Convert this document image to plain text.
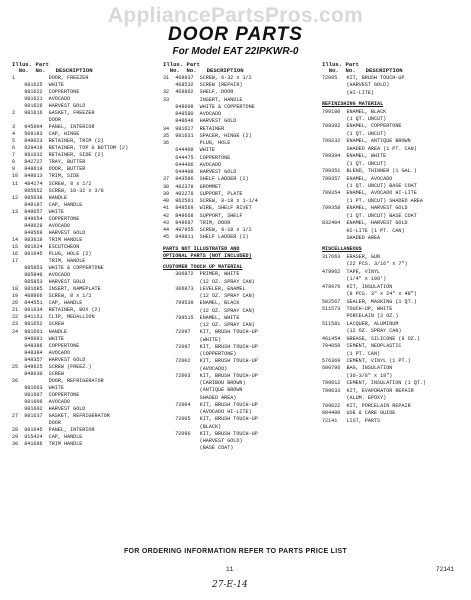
AppliancePartsPros.com
DOOR PARTS
For Model EAT 22IPKWR-0
Illus. Part
No.  No.   DESCRIPTION
1           DOOR, FREEZER
981625  WHITE
981622  COPPERTONE
981621  AVOCADO
981626  HARVEST GOLD
2   981616  GASKET, FREEZER
DOOR
3   945604  PANEL, INTERIOR
4   509183  CAP, HINGE
5   849023  RETAINER, TRIM (2)
6   929419  RETAINER, TOP & BOTTOM (2)
7   981632  RETAINER, SIDE (2)
8   842727  TRAY, BUTTER
9   848619  DOOR, BUTTER
10  848613  TRIM, SIDE
11  484174  SCREW, 8 x 1/2
985652  SCREW, 10-32 x 3/8
12  985638  HANDLE
849197  CAP, HANDLE
13  849657  WHITE
849654  COPPERTONE
849629  AVOCADO
849569  HARVEST GOLD
14  983619  TRIM HANDLE
15  981624  ESCUTCHEON
16  981645  PLUG, HOLE (2)
17          TRIM, HANDLE
985853  WHITE & COPPERTONE
985840  AVOCADO
985853  HARVEST GOLD
18  981685  INSERT, NAMEPLATE
19  488866  SCREW, 8 x 1/2
20  844551  CAP, HANDLE
21  981634  RETAINER, BOX (2)
22  841151  CLIP, MEDALLION
23  981652  SCREW
24  981601  HANDLE
946081  WHITE
848386  COPPERTONE
848384  AVOCADO
848357  HARVEST GOLD
25  849625  SCREW (FREEZ.)
848630  SCREW
26          DOOR, REFRIGERATOR
981603  WHITE
981607  COPPERTONE
981606  AVOCADO
981602  HARVEST GOLD
27  981637  GASKET, REFRIGERATOR
DOOR
28  981645  PANEL, INTERIOR
29  915424  CAP, HANDLE
30  841686  TRIM HANDLE
Illus. Part
No.  No.   DESCRIPTION
31  469837  SCREW, 6-32 x 1/2
468532  SCREW (REPAIR)
32  468862  SHELF, DOOR
33          INSERT, HANDLE
848609  WHITE & COPPERTONE
848580  AVOCADO
848646  HARVEST GOLD
34  981627  RETAINER
35  981631  SPACER, HINGE (2)
36          PLUG, HOLE
644409  WHITE
644475  COPPERTONE
644406  AVOCADO
644408  HARVEST GOLD
37  843596  SHELF LADDER (2)
38  482379  GROMMET
39  482278  SUPPORT, PLATE
40  962561  SCREW, 8-18 x 1-1/4
41  849569  WIRE, SHELF RIVET
42  849668  SUPPORT, SHELF
43  849687  TRIM, DOOR
44  497955  SCREW, 8-18 x 1/2
45  849811  SHELF LADDER (2)
PARTS NOT ILLUSTRATED AND
OPTIONAL PARTS (NOT INCLUDED)
CUSTOMER TOUCH UP MATERIAL
306872  PRIMER, WHITE
(12 OZ. SPRAY CAN)
306873  LEVELER, ENAMEL
(12 OZ. SPRAY CAN)
799539  ENAMEL, BLACK
(12 OZ. SPRAY CAN)
799515  ENAMEL, WHITE
(12 OZ. SPRAY CAN)
72097   KIT, BRUSH TOUCH-UP
(WHITE)
72097   KIT, BRUSH TOUCH-UP
(COPPERTONE)
72002   KIT, BRUSH TOUCH-UP
(AVOCADO)
72003   KIT, BRUSH TOUCH-UP
(CARIBOU BROWN)
(ANTIQUE BROWN
SHADED AREA)
72004   KIT, BRUSH TOUCH-UP
(AVOCADO HI-LITE)
72005   KIT, BRUSH TOUCH-UP
(BLACK)
72096   KIT, BRUSH TOUCH-UP
(HARVEST GOLD)
(BASE COAT)
Illus. Part
No.  No.   DESCRIPTION
72095   KIT, BRUSH TOUCH-UP
(HARVEST GOLD)
(HI-LITE)
REFINISHING MATERIAL
799180  ENAMEL, BLACK
(1 QT. UNCUT)
799392  ENAMEL, COPPERTONE
(1 QT. UNCUT)
799232  ENAMEL, ANTIQUE BROWN
SHADED AREA (1 PT. CAN)
799394  ENAMEL, WHITE
(1 QT. UNCUT)
799351  BLEND, THINNER (1 GAL.)
799357  ENAMEL, AVOCADO
(1 QT. UNCUT) BASE COAT
799354  ENAMEL, AVOCADO HI-LITE
(1 PT. UNCUT) SHADED AREA
799358  ENAMEL, HARVEST GOLD
(1 QT. UNCUT) BASE COAT
832404  ENAMEL, HARVEST GOLD
HI-LITE (1 PT. CAN)
SHADED AREA
MISCELLANEOUS
317663  ERASER, GUN
(22 PCS. 3/16" x 7")
479962  TAPE, VINYL
(1/4" x 100')
479976  KIT, INSULATION
(8 PCS. 3" x 24" x 48")
502567  SEALER, MASKING (1 QT.)
511573  TOUCH-UP, WHITE
PORCELAIN (2 OZ.)
511581  LACQUER, ALUMINUM
(12 OZ. SPRAY CAN)
461454  GREASE, SILICONE (8 OZ.)
794858  CEMENT, NEOPLASTIC
(1 PT. CAN)
576369  CEMENT, VINYL (1 PT.)
600796  BAG, INSULATION
(36-3/8" x 18")
799012  CEMENT, INSULATION (1 QT.)
799633  KIT, EVAPORATOR REPAIR
(ALUM. EPOXY)
799622  KIT, PORCELAIN REPAIR
984400  USE & CARE GUIDE
72141   LIST, PARTS
FOR ORDERING INFORMATION REFER TO PARTS PRICE LIST
11	72141
27-E-14
